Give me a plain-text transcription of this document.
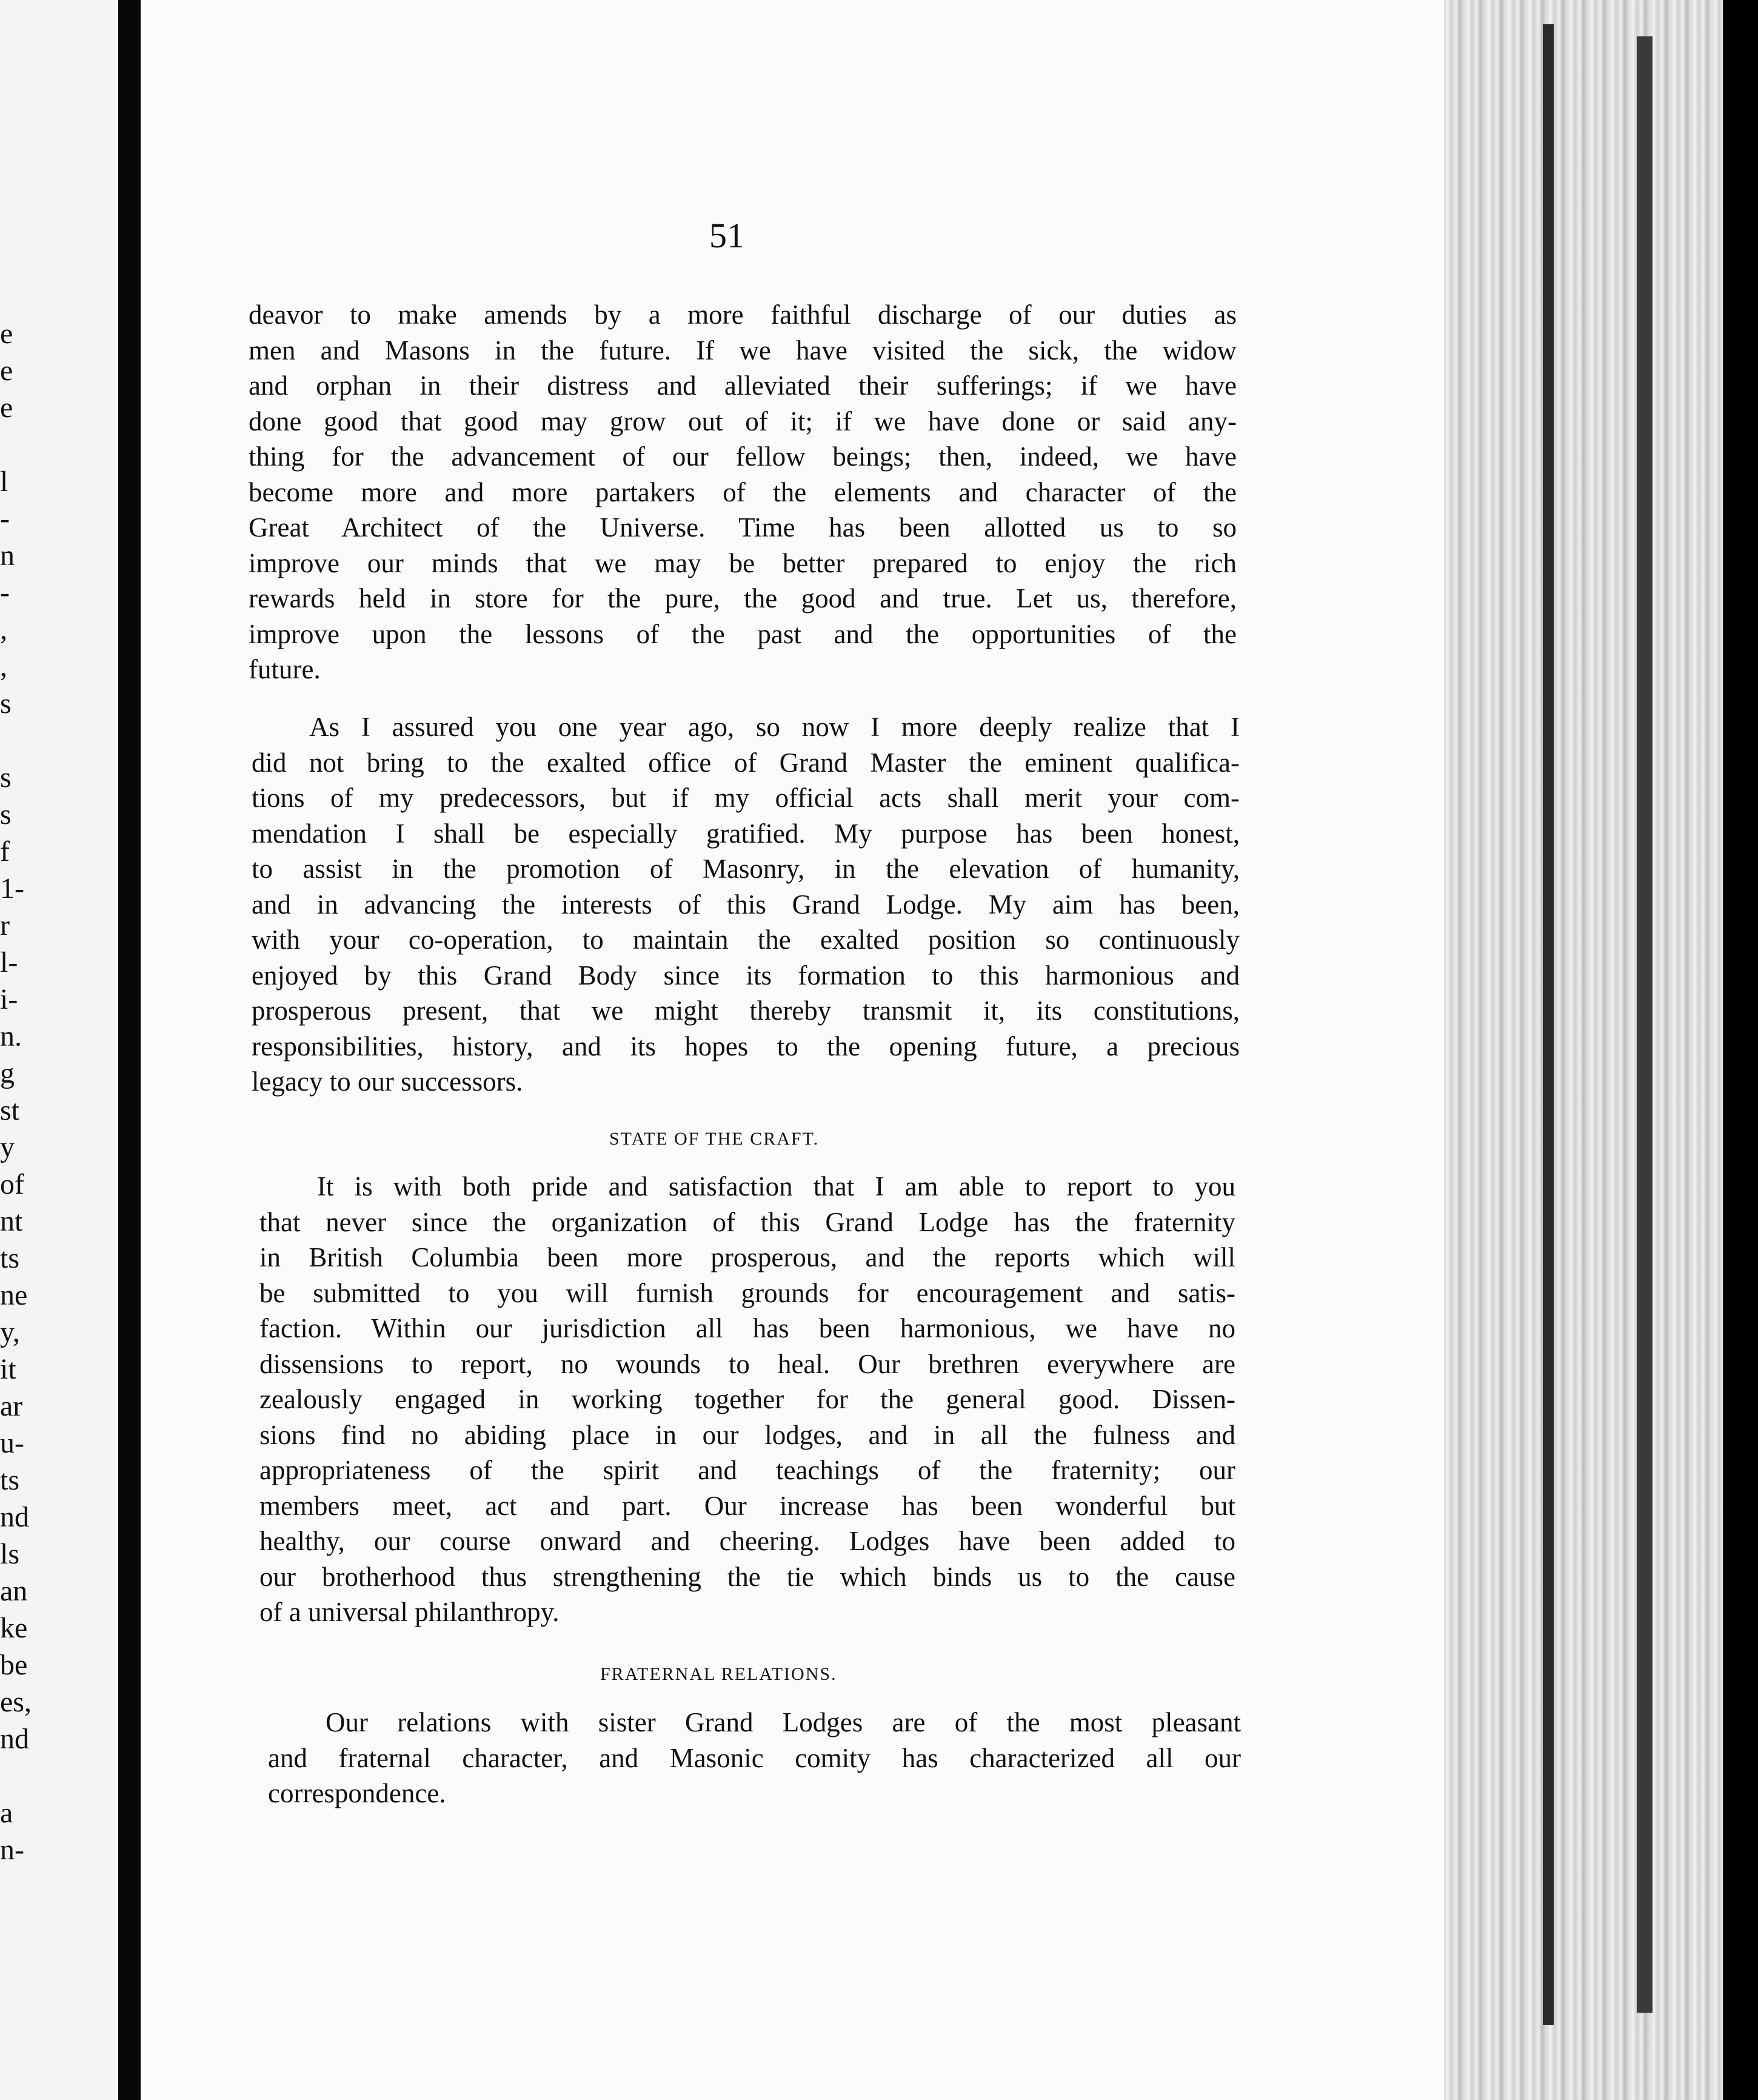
e
e
e
l
-
n
-
,
,
s
s
s
f
1-
r
l-
i-
n.
g
st
y
of
nt
ts
ne
y,
it
ar
u-
ts
nd
ls
an
ke
be
es,
nd
a
n-
51
deavor to make amends by a more faithful discharge of our duties as
men and Masons in the future. If we have visited the sick, the widow
and orphan in their distress and alleviated their sufferings; if we have
done good that good may grow out of it; if we have done or said any-
thing for the advancement of our fellow beings; then, indeed, we have
become more and more partakers of the elements and character of the
Great Architect of the Universe. Time has been allotted us to so
improve our minds that we may be better prepared to enjoy the rich
rewards held in store for the pure, the good and true. Let us, therefore,
improve upon the lessons of the past and the opportunities of the
future.
As I assured you one year ago, so now I more deeply realize that I
did not bring to the exalted office of Grand Master the eminent qualifica-
tions of my predecessors, but if my official acts shall merit your com-
mendation I shall be especially gratified. My purpose has been honest,
to assist in the promotion of Masonry, in the elevation of humanity,
and in advancing the interests of this Grand Lodge. My aim has been,
with your co-operation, to maintain the exalted position so continuously
enjoyed by this Grand Body since its formation to this harmonious and
prosperous present, that we might thereby transmit it, its constitutions,
responsibilities, history, and its hopes to the opening future, a precious
legacy to our successors.
STATE OF THE CRAFT.
It is with both pride and satisfaction that I am able to report to you
that never since the organization of this Grand Lodge has the fraternity
in British Columbia been more prosperous, and the reports which will
be submitted to you will furnish grounds for encouragement and satis-
faction. Within our jurisdiction all has been harmonious, we have no
dissensions to report, no wounds to heal. Our brethren everywhere are
zealously engaged in working together for the general good. Dissen-
sions find no abiding place in our lodges, and in all the fulness and
appropriateness of the spirit and teachings of the fraternity; our
members meet, act and part. Our increase has been wonderful but
healthy, our course onward and cheering. Lodges have been added to
our brotherhood thus strengthening the tie which binds us to the cause
of a universal philanthropy.
FRATERNAL RELATIONS.
Our relations with sister Grand Lodges are of the most pleasant
and fraternal character, and Masonic comity has characterized all our
correspondence.
